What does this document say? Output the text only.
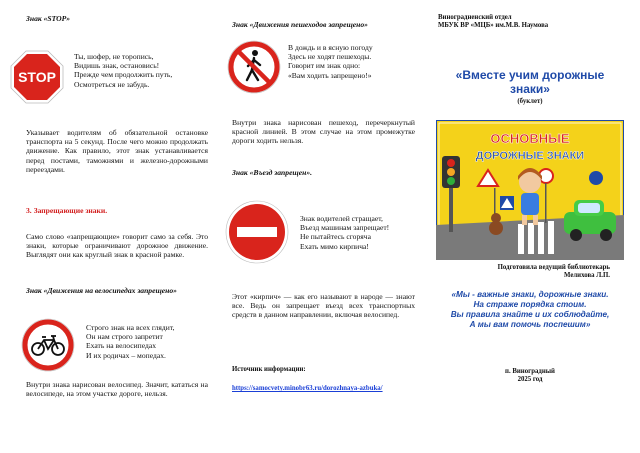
Знак «STOP»
STOP
Ты, шофер, не торопись,
Видишь знак, остановись!
Прежде чем продолжить путь,
Осмотреться не забудь.
Указывает водителям об обязательной остановке транспорта на 5 секунд. После чего можно продолжать движение. Как правило, этот знак устанавливается перед постами, таможнями и железно-дорожными переездами.
3. Запрещающие знаки.
Само слово «запрещающие» говорит само за себя. Это знаки, которые ограничивают дорожное движение. Выглядят они как круглый знак в красной рамке.
Знак «Движения на велосипедах запрещено»
Строго знак на всех глядит,
Он нам строго запретит
Ехать на велосипедах
И их родичах – мопедах.
Внутри знака нарисован велосипед. Значит, кататься на велосипеде, на этом участке дороге, нельзя.
Знак «Движения пешеходов запрещено»
В дождь и в ясную погоду
Здесь не ходят пешеходы.
Говорит им знак одно:
«Вам ходить запрещено!»
Внутри знака нарисован пешеход, перечеркнутый красной линией. В этом случае на этом промежутке дороги ходить нельзя.
Знак «Въезд запрещен».
Знак водителей стращает,
Въезд машинам запрещает!
Не пытайтесь сгоряча
Ехать мимо кирпича!
Этот «кирпич» — как его называют в народе — знают все. Ведь он запрещает въезд всех транспортных средств в данном направлении, включая велосипед.
Источник информации:
https://samocvety.minobr63.ru/dorozhnaya-azbuka/
Виноградненский отдел
МБУК ВР «МЦБ» им.М.В. Наумова
«Вместе учим дорожные знаки»
(буклет)
ОСНОВНЫЕ
ДОРОЖНЫЕ ЗНАКИ
Подготовила ведущий библиотекарь
Мелихова Л.П.
«Мы - важные знаки, дорожные знаки.
На страже порядка стоим.
Вы правила знайте и их соблюдайте,
А мы вам помочь поспешим»
п. Виноградный
2025 год
